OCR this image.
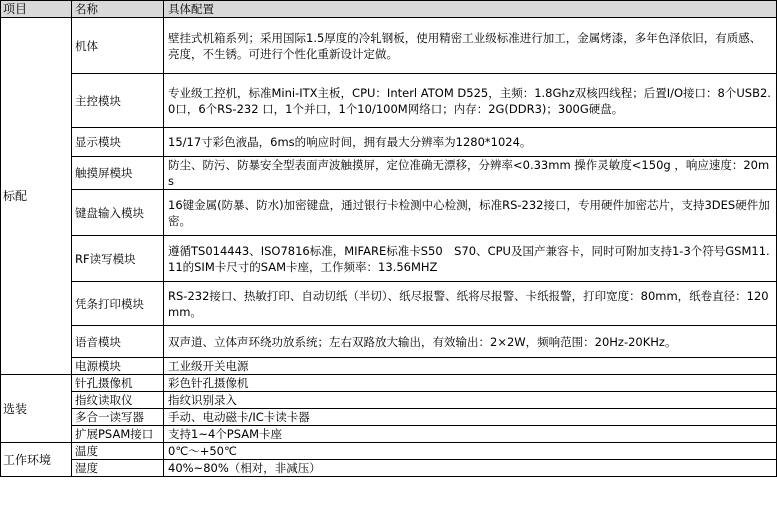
项目	名称	具体配置
标配	机体	壁挂式机箱系列；采用国际1.5厚度的冷轧钢板，使用精密工业级标准进行加工，金属烤漆，多年色泽依旧，有质感、亮度，不生锈。可进行个性化重新设计定做。
	主控模块	专业级工控机，标准Mini-ITX主板，CPU：Interl ATOM D525，主频：1.8Ghz双核四线程；后置I/O接口：8个USB2.0口，6个RS-232 口，1个并口，1个10/100M网络口；内存：2G(DDR3)；300G硬盘。
	显示模块	15/17寸彩色液晶，6ms的响应时间，拥有最大分辨率为1280*1024。
	触摸屏模块	防尘、防污、防暴安全型表面声波触摸屏，定位准确无漂移，分辨率<0.33mm 操作灵敏度<150g ，响应速度：20ms
	键盘输入模块	16键金属(防暴、防水)加密键盘，通过银行卡检测中心检测，标准RS-232接口，专用硬件加密芯片，支持3DES硬件加密。
	RF读写模块	遵循TS014443、ISO7816标准，MIFARE标准卡S50　S70、CPU及国产兼容卡，同时可附加支持1-3个符号GSM11.11的SIM卡尺寸的SAM卡座，工作频率：13.56MHZ
	凭条打印模块	RS-232接口、热敏打印、自动切纸（半切）、纸尽报警、纸将尽报警、卡纸报警，打印宽度：80mm，纸卷直径：120mm。
	语音模块	双声道、立体声环绕功放系统；左右双路放大输出，有效输出：2×2W，频响范围：20Hz-20KHz。
	电源模块	工业级开关电源
选装	针孔摄像机	彩色针孔摄像机
	指纹读取仪	指纹识别录入
	多合一读写器	手动、电动磁卡/IC卡读卡器
	扩展PSAM接口	支持1~4个PSAM卡座
工作环境	温度	0℃～+50℃
	湿度	40%~80%（相对，非减压）
